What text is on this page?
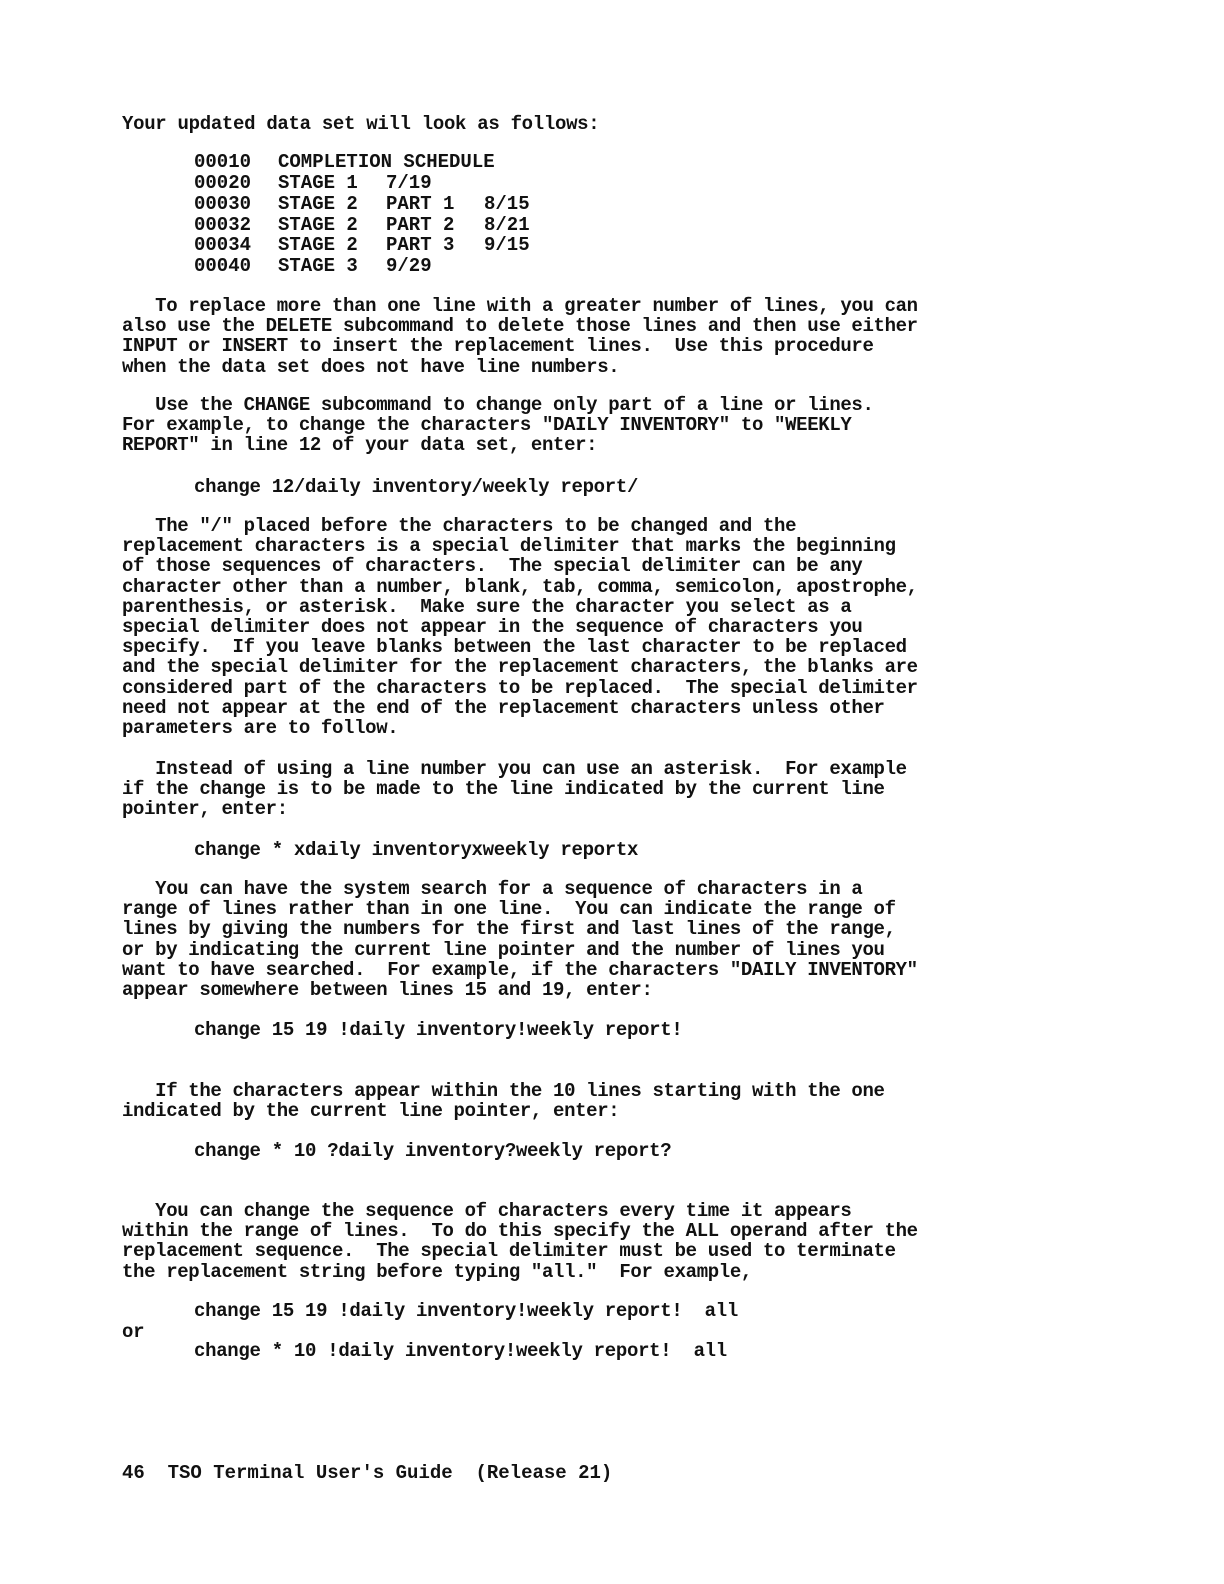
Your updated data set will look as follows:

00010

COMPLETION SCHEDULE

00020

STAGE 1

7/19

00030

STAGE 2

PART 1

8/15

00032

STAGE 2

PART 2

8/21

00034

STAGE 2

PART 3

9/15

00040

STAGE 3

9/29

To replace more than one line with a greater number of lines, you can
also use the DELETE subcommand to delete those lines and then use either
INPUT or INSERT to insert the replacement lines.  Use this procedure
when the data set does not have line numbers.
Use the CHANGE subcommand to change only part of a line or lines.
For example, to change the characters "DAILY INVENTORY" to "WEEKLY
REPORT" in line 12 of your data set, enter:
change 12/daily inventory/weekly report/
The "/" placed before the characters to be changed and the
replacement characters is a special delimiter that marks the beginning
of those sequences of characters.  The special delimiter can be any
character other than a number, blank, tab, comma, semicolon, apostrophe,
parenthesis, or asterisk.  Make sure the character you select as a
special delimiter does not appear in the sequence of characters you
specify.  If you leave blanks between the last character to be replaced
and the special delimiter for the replacement characters, the blanks are
considered part of the characters to be replaced.  The special delimiter
need not appear at the end of the replacement characters unless other
parameters are to follow.
Instead of using a line number you can use an asterisk.  For example
if the change is to be made to the line indicated by the current line
pointer, enter:
change * xdaily inventoryxweekly reportx
You can have the system search for a sequence of characters in a
range of lines rather than in one line.  You can indicate the range of
lines by giving the numbers for the first and last lines of the range,
or by indicating the current line pointer and the number of lines you
want to have searched.  For example, if the characters "DAILY INVENTORY"
appear somewhere between lines 15 and 19, enter:
change 15 19 !daily inventory!weekly report!
If the characters appear within the 10 lines starting with the one
indicated by the current line pointer, enter:
change * 10 ?daily inventory?weekly report?
You can change the sequence of characters every time it appears
within the range of lines.  To do this specify the ALL operand after the
replacement sequence.  The special delimiter must be used to terminate
the replacement string before typing "all."  For example,
change 15 19 !daily inventory!weekly report!  all
or
change * 10 !daily inventory!weekly report!  all
46  TSO Terminal User's Guide  (Release 21)
